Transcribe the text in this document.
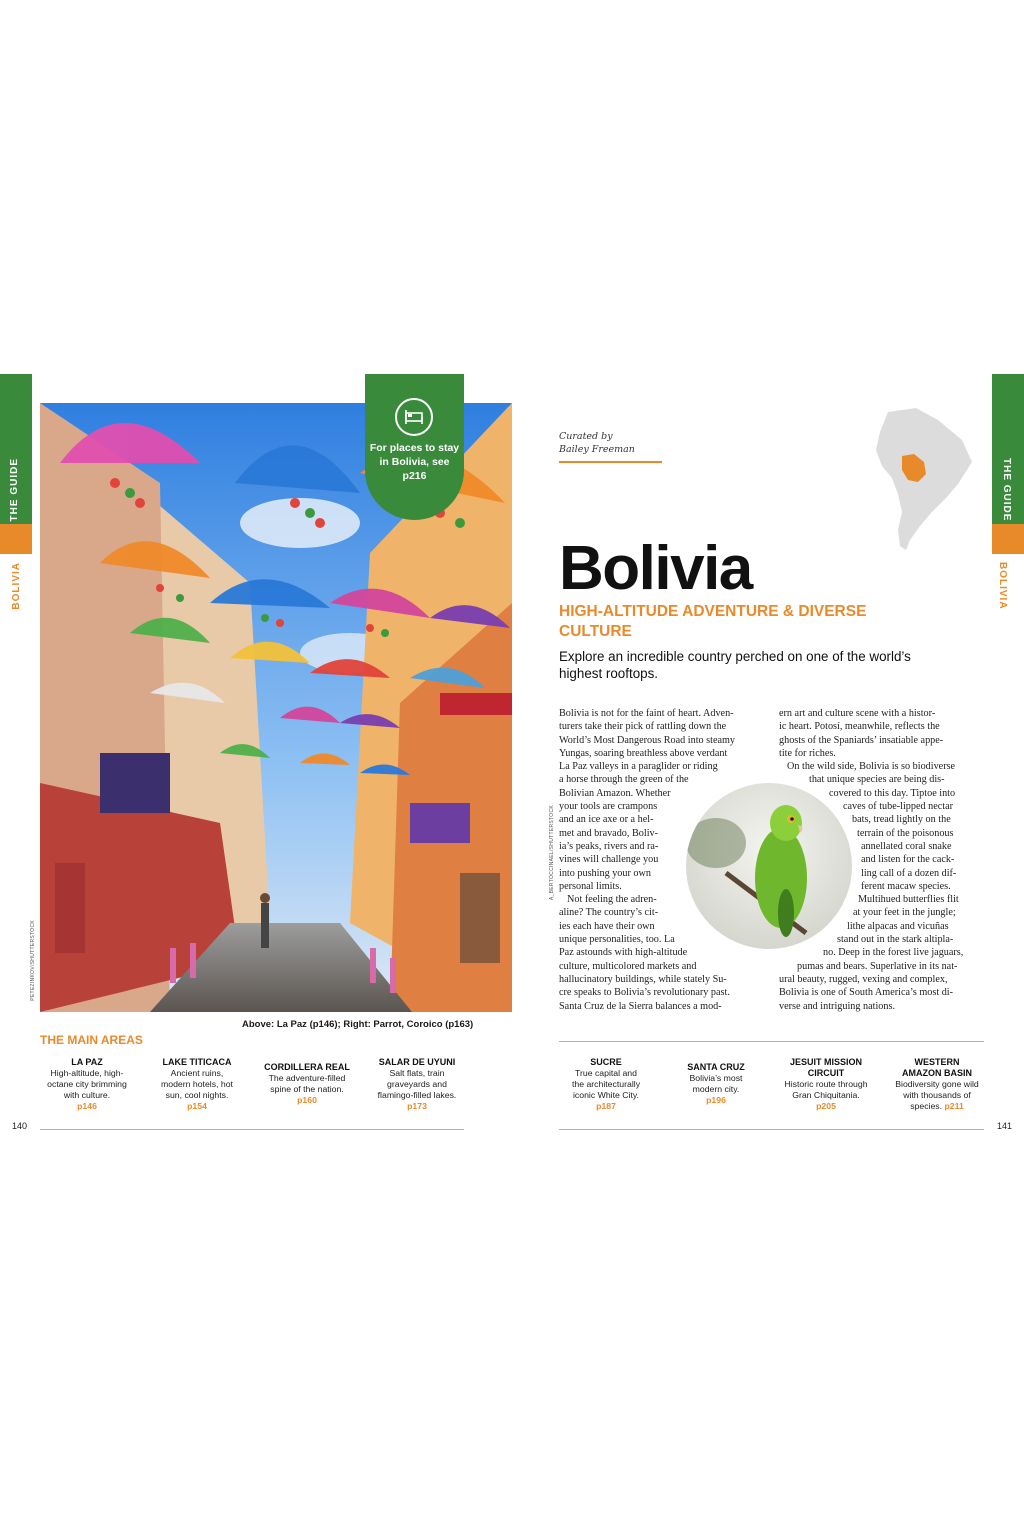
THE GUIDE
BOLIVIA
PETEZINKOV/SHUTTERSTOCK
For places to stay
in Bolivia, see
p216
Above: La Paz (p146); Right: Parrot, Coroico (p163)
THE MAIN AREAS
LA PAZ
High-altitude, high-
octane city brimming
with culture.
p146
LAKE TITICACA
Ancient ruins,
modern hotels, hot
sun, cool nights.
p154
CORDILLERA REAL
The adventure-filled
spine of the nation.
p160
SALAR DE UYUNI
Salt flats, train
graveyards and
flamingo-filled lakes.
p173
140
THE GUIDE
BOLIVIA
Curated by
Bailey Freeman
Bolivia
HIGH-ALTITUDE ADVENTURE & DIVERSE
CULTURE
Explore an incredible country perched on one of the world’s
highest rooftops.

Bolivia is not for the faint of heart. Adven-

turers take their pick of rattling down the

World’s Most Dangerous Road into steamy

Yungas, soaring breathless above verdant

La Paz valleys in a paraglider or riding

a horse through the green of the

Bolivian Amazon. Whether

your tools are crampons

and an ice axe or a hel-

met and bravado, Boliv-

ia’s peaks, rivers and ra-

vines will challenge you

into pushing your own

personal limits.

Not feeling the adren-

aline? The country’s cit-

ies each have their own

unique personalities, too. La

Paz astounds with high-altitude

culture, multicolored markets and

hallucinatory buildings, while stately Su-

cre speaks to Bolivia’s revolutionary past.

Santa Cruz de la Sierra balances a mod-

A_BERTOCCINAEL/SHUTTERSTOCK

ern art and culture scene with a histor-

ic heart. Potosí, meanwhile, reflects the

ghosts of the Spaniards’ insatiable appe-

tite for riches.

On the wild side, Bolivia is so biodiverse

that unique species are being dis-

covered to this day. Tiptoe into

caves of tube-lipped nectar

bats, tread lightly on the

terrain of the poisonous

annellated coral snake

and listen for the cack-

ling call of a dozen dif-

ferent macaw species.

Multihued butterflies flit

at your feet in the jungle;

lithe alpacas and vicuñas

stand out in the stark altipla-

no. Deep in the forest live jaguars,

pumas and bears. Superlative in its nat-

ural beauty, rugged, vexing and complex,

Bolivia is one of South America’s most di-

verse and intriguing nations.

SUCRE
True capital and
the architecturally
iconic White City.
p187
SANTA CRUZ
Bolivia’s most
modern city.
p196
JESUIT MISSION CIRCUIT
Historic route through
Gran Chiquitania.
p205
WESTERN AMAZON BASIN
Biodiversity gone wild
with thousands of
species. p211
141
